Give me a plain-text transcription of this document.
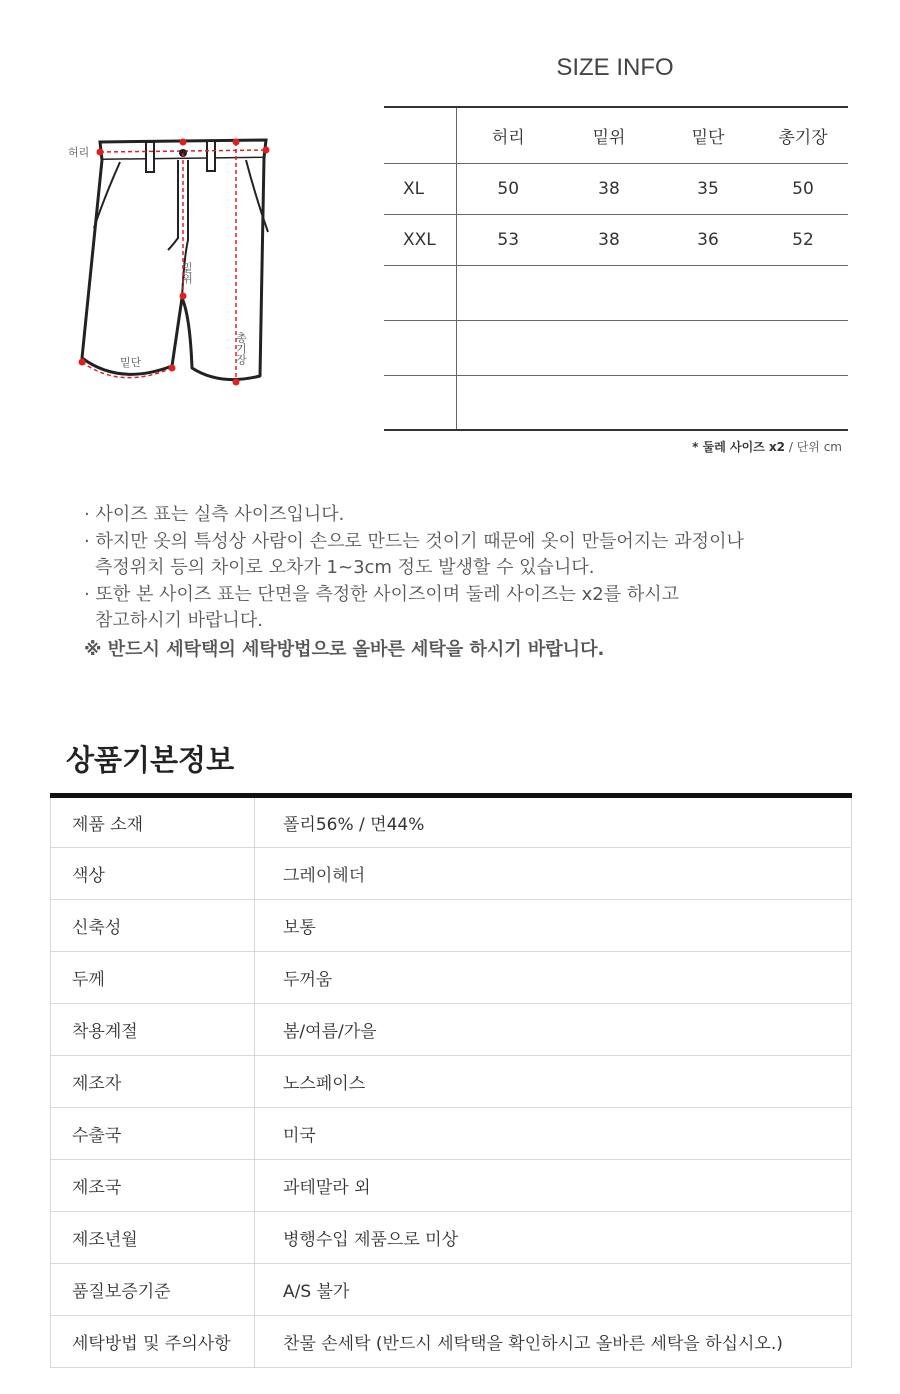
SIZE INFO
허리
밑단
밑위
총기장
	허리	밑위	밑단	총기장
XL	50	38	35	50
XXL	53	38	36	52

* 둘레 사이즈 x2 / 단위 cm
· 사이즈 표는 실측 사이즈입니다.
· 하지만 옷의 특성상 사람이 손으로 만드는 것이기 때문에 옷이 만들어지는 과정이나
측정위치 등의 차이로 오차가 1~3cm 정도 발생할 수 있습니다.
· 또한 본 사이즈 표는 단면을 측정한 사이즈이며 둘레 사이즈는 x2를 하시고
참고하시기 바랍니다.
※ 반드시 세탁택의 세탁방법으로 올바른 세탁을 하시기 바랍니다.
상품기본정보
제품 소재	폴리56% / 면44%
색상	그레이헤더
신축성	보통
두께	두꺼움
착용계절	봄/여름/가을
제조자	노스페이스
수출국	미국
제조국	과테말라 외
제조년월	병행수입 제품으로 미상
품질보증기준	A/S 불가
세탁방법 및 주의사항	찬물 손세탁 (반드시 세탁택을 확인하시고 올바른 세탁을 하십시오.)
